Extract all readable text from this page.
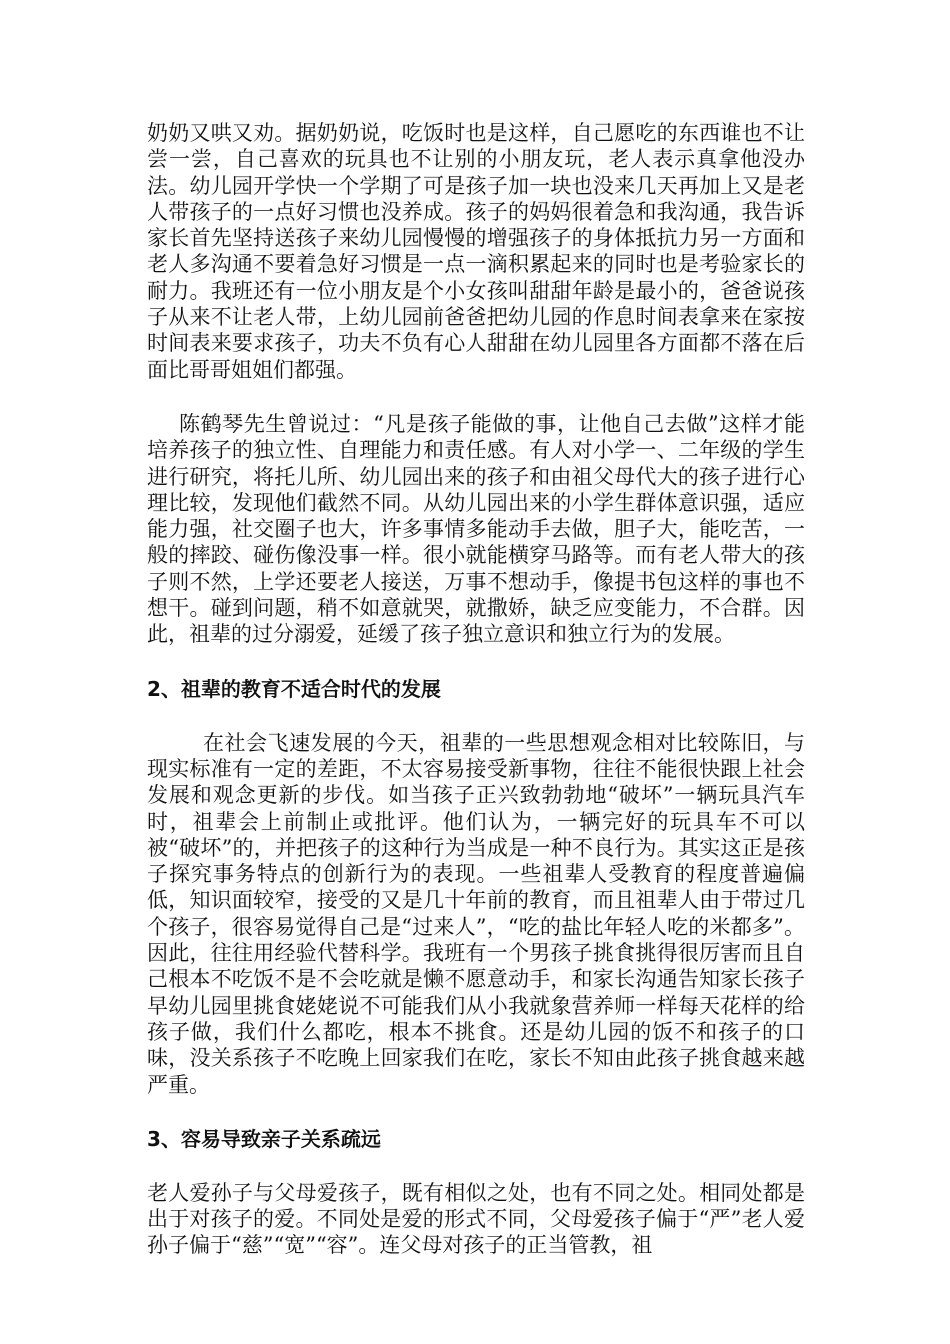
奶奶又哄又劝。据奶奶说，吃饭时也是这样，自己愿吃的东西谁也不让尝一尝，自己喜欢的玩具也不让别的小朋友玩，老人表示真拿他没办法。幼儿园开学快一个学期了可是孩子加一块也没来几天再加上又是老人带孩子的一点好习惯也没养成。孩子的妈妈很着急和我沟通，我告诉家长首先坚持送孩子来幼儿园慢慢的增强孩子的身体抵抗力另一方面和老人多沟通不要着急好习惯是一点一滴积累起来的同时也是考验家长的耐力。我班还有一位小朋友是个小女孩叫甜甜年龄是最小的，爸爸说孩子从来不让老人带，上幼儿园前爸爸把幼儿园的作息时间表拿来在家按时间表来要求孩子，功夫不负有心人甜甜在幼儿园里各方面都不落在后面比哥哥姐姐们都强。

陈鹤琴先生曾说过：“凡是孩子能做的事，让他自己去做”这样才能培养孩子的独立性、自理能力和责任感。有人对小学一、二年级的学生进行研究，将托儿所、幼儿园出来的孩子和由祖父母代大的孩子进行心理比较，发现他们截然不同。从幼儿园出来的小学生群体意识强，适应能力强，社交圈子也大，许多事情多能动手去做，胆子大，能吃苦，一般的摔跤、碰伤像没事一样。很小就能横穿马路等。而有老人带大的孩子则不然，上学还要老人接送，万事不想动手，像提书包这样的事也不想干。碰到问题，稍不如意就哭，就撒娇，缺乏应变能力，不合群。因此，祖辈的过分溺爱，延缓了孩子独立意识和独立行为的发展。

2、祖辈的教育不适合时代的发展

在社会飞速发展的今天，祖辈的一些思想观念相对比较陈旧，与现实标准有一定的差距，不太容易接受新事物，往往不能很快跟上社会发展和观念更新的步伐。如当孩子正兴致勃勃地“破坏”一辆玩具汽车时，祖辈会上前制止或批评。他们认为，一辆完好的玩具车不可以被“破坏”的，并把孩子的这种行为当成是一种不良行为。其实这正是孩子探究事务特点的创新行为的表现。一些祖辈人受教育的程度普遍偏低，知识面较窄，接受的又是几十年前的教育，而且祖辈人由于带过几个孩子，很容易觉得自己是“过来人”，“吃的盐比年轻人吃的米都多”。因此，往往用经验代替科学。我班有一个男孩子挑食挑得很厉害而且自己根本不吃饭不是不会吃就是懒不愿意动手，和家长沟通告知家长孩子早幼儿园里挑食姥姥说不可能我们从小我就象营养师一样每天花样的给孩子做，我们什么都吃，根本不挑食。还是幼儿园的饭不和孩子的口味，没关系孩子不吃晚上回家我们在吃，家长不知由此孩子挑食越来越严重。

3、容易导致亲子关系疏远

老人爱孙子与父母爱孩子，既有相似之处，也有不同之处。相同处都是出于对孩子的爱。不同处是爱的形式不同，父母爱孩子偏于“严”老人爱孙子偏于“慈”“宽”“容”。连父母对孩子的正当管教，祖
